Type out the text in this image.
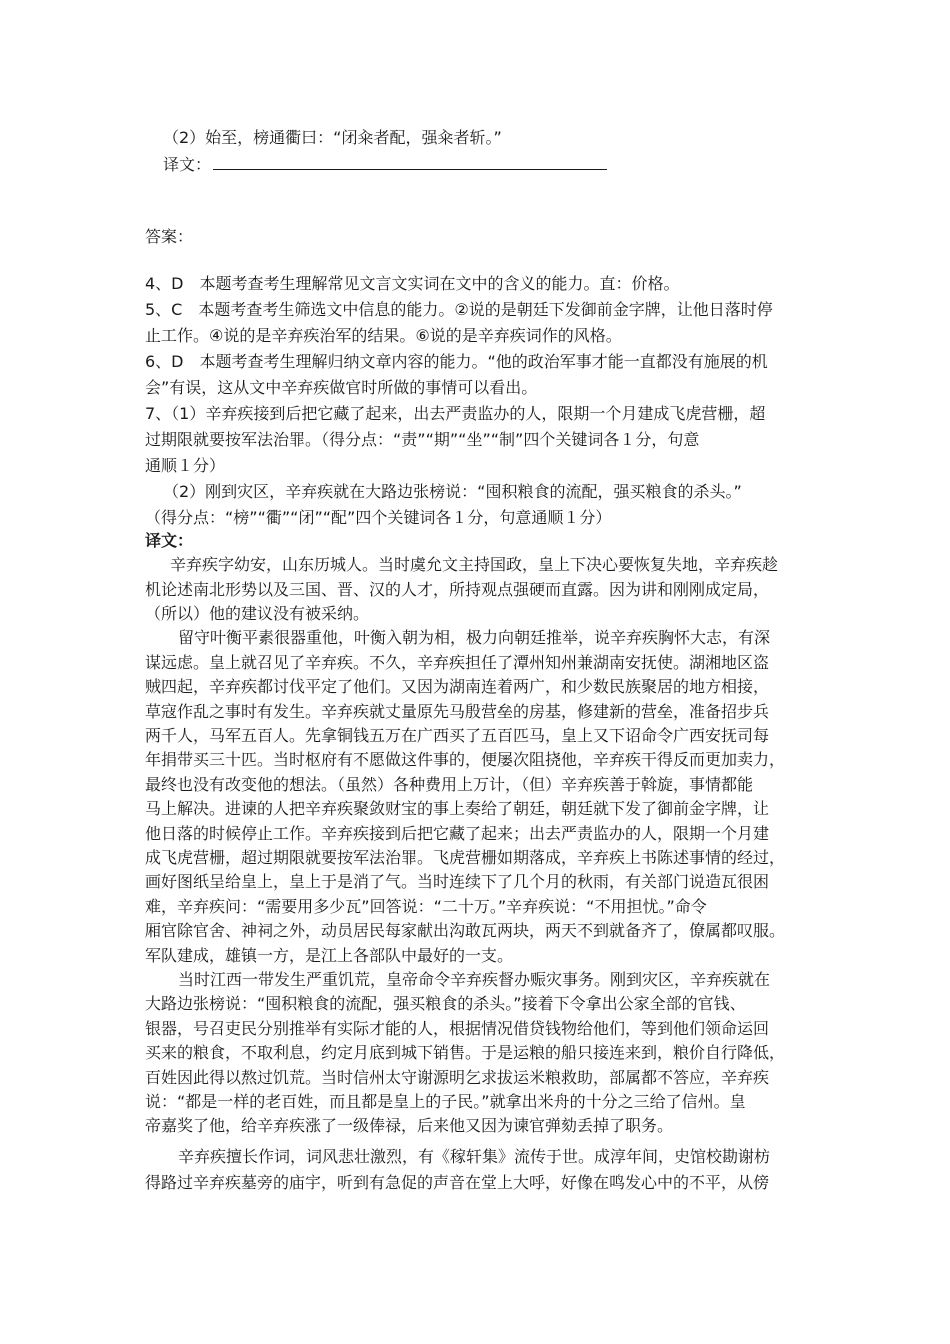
（2）始至，榜通衢曰：“闭籴者配，强籴者斩。”
译文：
答案：
4、D　本题考查考生理解常见文言文实词在文中的含义的能力。直：价格。
5、C　本题考查考生筛选文中信息的能力。②说的是朝廷下发御前金字牌，让他日落时停
止工作。④说的是辛弃疾治军的结果。⑥说的是辛弃疾词作的风格。
6、D　本题考查考生理解归纳文章内容的能力。“他的政治军事才能一直都没有施展的机
会”有误，这从文中辛弃疾做官时所做的事情可以看出。
7、（1）辛弃疾接到后把它藏了起来，出去严责监办的人，限期一个月建成飞虎营栅，超
过期限就要按军法治罪。（得分点：“责”“期”“坐”“制”四个关键词各１分，句意
通顺１分）
（2）刚到灾区，辛弃疾就在大路边张榜说：“囤积粮食的流配，强买粮食的杀头。”
（得分点：“榜”“衢”“闭”“配”四个关键词各１分，句意通顺１分）
译文：
辛弃疾字幼安，山东历城人。当时虞允文主持国政，皇上下决心要恢复失地，辛弃疾趁
机论述南北形势以及三国、晋、汉的人才，所持观点强硬而直露。因为讲和刚刚成定局，
（所以）他的建议没有被采纳。
留守叶衡平素很器重他，叶衡入朝为相，极力向朝廷推举，说辛弃疾胸怀大志，有深
谋远虑。皇上就召见了辛弃疾。不久，辛弃疾担任了潭州知州兼湖南安抚使。湖湘地区盗
贼四起，辛弃疾都讨伐平定了他们。又因为湖南连着两广，和少数民族聚居的地方相接，
草寇作乱之事时有发生。辛弃疾就丈量原先马殷营垒的房基，修建新的营垒，准备招步兵
两千人，马军五百人。先拿铜钱五万在广西买了五百匹马，皇上又下诏命令广西安抚司每
年捐带买三十匹。当时枢府有不愿做这件事的，便屡次阻挠他，辛弃疾干得反而更加卖力，
最终也没有改变他的想法。（虽然）各种费用上万计，（但）辛弃疾善于斡旋，事情都能
马上解决。进谏的人把辛弃疾聚敛财宝的事上奏给了朝廷，朝廷就下发了御前金字牌，让
他日落的时候停止工作。辛弃疾接到后把它藏了起来；出去严责监办的人，限期一个月建
成飞虎营栅，超过期限就要按军法治罪。飞虎营栅如期落成，辛弃疾上书陈述事情的经过，
画好图纸呈给皇上，皇上于是消了气。当时连续下了几个月的秋雨，有关部门说造瓦很困
难，辛弃疾问：“需要用多少瓦”回答说：“二十万。”辛弃疾说：“不用担忧。”命令
厢官除官舍、神祠之外，动员居民每家献出沟敢瓦两块，两天不到就备齐了，僚属都叹服。
军队建成，雄镇一方，是江上各部队中最好的一支。
当时江西一带发生严重饥荒，皇帝命令辛弃疾督办赈灾事务。刚到灾区，辛弃疾就在
大路边张榜说：“囤积粮食的流配，强买粮食的杀头。”接着下令拿出公家全部的官钱、
银器，号召吏民分别推举有实际才能的人，根据情况借贷钱物给他们，等到他们领命运回
买来的粮食，不取利息，约定月底到城下销售。于是运粮的船只接连来到，粮价自行降低，
百姓因此得以熬过饥荒。当时信州太守谢源明乞求拔运米粮救助，部属都不答应，辛弃疾
说：“都是一样的老百姓，而且都是皇上的子民。”就拿出米舟的十分之三给了信州。皇
帝嘉奖了他，给辛弃疾涨了一级俸禄，后来他又因为谏官弹劾丢掉了职务。
辛弃疾擅长作词，词风悲壮激烈，有《稼轩集》流传于世。成淳年间，史馆校勘谢枋
得路过辛弃疾墓旁的庙宇，听到有急促的声音在堂上大呼，好像在鸣发心中的不平，从傍
